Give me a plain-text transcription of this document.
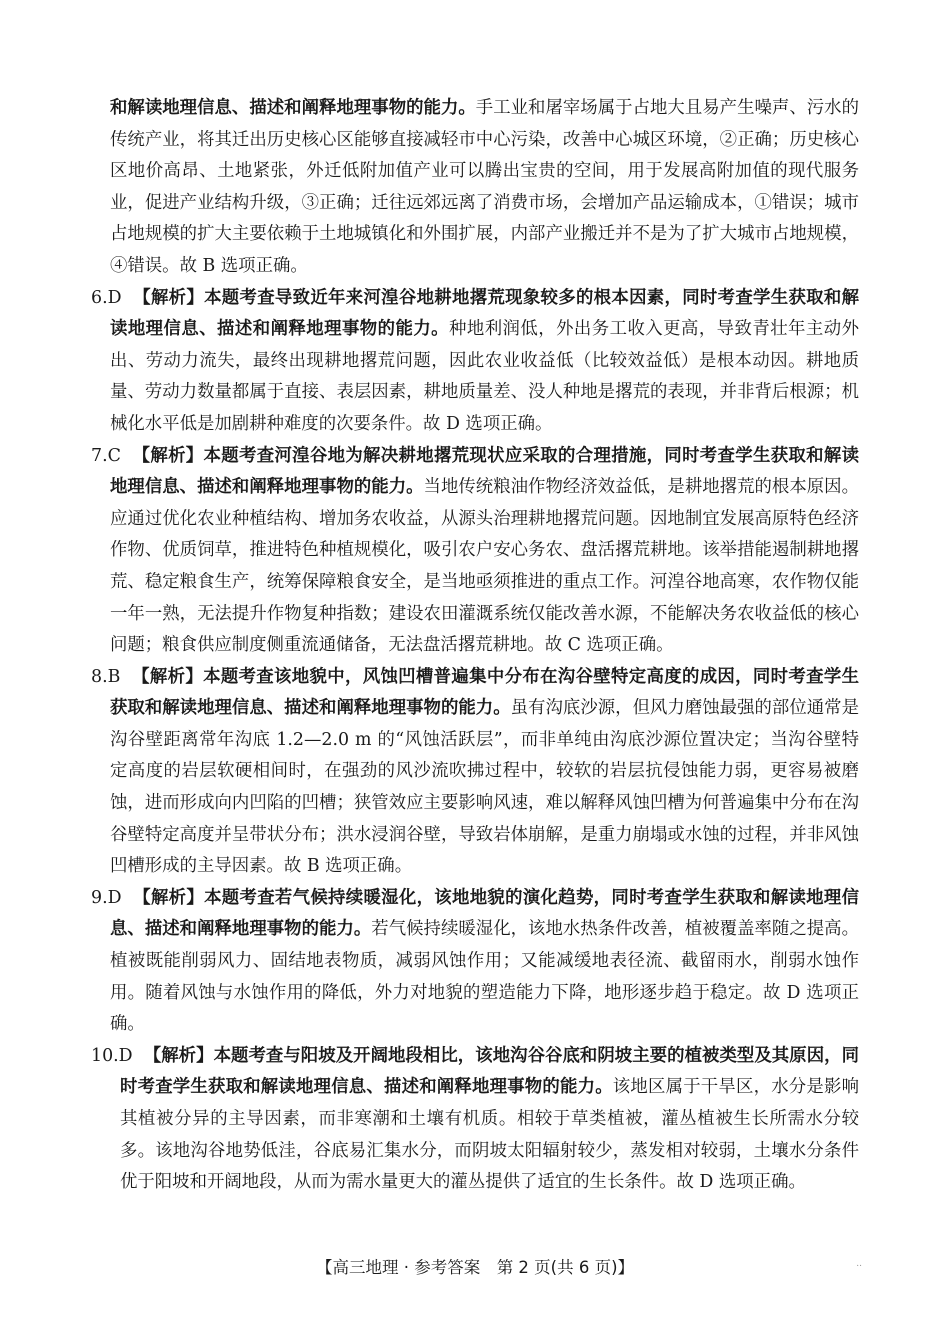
和解读地理信息、描述和阐释地理事物的能力。手工业和屠宰场属于占地大且易产生噪声、污水的传统产业，将其迁出历史核心区能够直接减轻市中心污染，改善中心城区环境，②正确；历史核心区地价高昂、土地紧张，外迁低附加值产业可以腾出宝贵的空间，用于发展高附加值的现代服务业，促进产业结构升级，③正确；迁往远郊远离了消费市场，会增加产品运输成本，①错误；城市占地规模的扩大主要依赖于土地城镇化和外围扩展，内部产业搬迁并不是为了扩大城市占地规模，④错误。故 B 选项正确。

6.D 【解析】本题考查导致近年来河湟谷地耕地撂荒现象较多的根本因素，同时考查学生获取和解读地理信息、描述和阐释地理事物的能力。种地利润低，外出务工收入更高，导致青壮年主动外出、劳动力流失，最终出现耕地撂荒问题，因此农业收益低（比较效益低）是根本动因。耕地质量、劳动力数量都属于直接、表层因素，耕地质量差、没人种地是撂荒的表现，并非背后根源；机械化水平低是加剧耕种难度的次要条件。故 D 选项正确。

7.C 【解析】本题考查河湟谷地为解决耕地撂荒现状应采取的合理措施，同时考查学生获取和解读地理信息、描述和阐释地理事物的能力。当地传统粮油作物经济效益低，是耕地撂荒的根本原因。应通过优化农业种植结构、增加务农收益，从源头治理耕地撂荒问题。因地制宜发展高原特色经济作物、优质饲草，推进特色种植规模化，吸引农户安心务农、盘活撂荒耕地。该举措能遏制耕地撂荒、稳定粮食生产，统筹保障粮食安全，是当地亟须推进的重点工作。河湟谷地高寒，农作物仅能一年一熟，无法提升作物复种指数；建设农田灌溉系统仅能改善水源，不能解决务农收益低的核心问题；粮食供应制度侧重流通储备，无法盘活撂荒耕地。故 C 选项正确。

8.B 【解析】本题考查该地貌中，风蚀凹槽普遍集中分布在沟谷壁特定高度的成因，同时考查学生获取和解读地理信息、描述和阐释地理事物的能力。虽有沟底沙源，但风力磨蚀最强的部位通常是沟谷壁距离常年沟底 1.2—2.0 m 的“风蚀活跃层”，而非单纯由沟底沙源位置决定；当沟谷壁特定高度的岩层软硬相间时，在强劲的风沙流吹拂过程中，较软的岩层抗侵蚀能力弱，更容易被磨蚀，进而形成向内凹陷的凹槽；狭管效应主要影响风速，难以解释风蚀凹槽为何普遍集中分布在沟谷壁特定高度并呈带状分布；洪水浸润谷壁，导致岩体崩解，是重力崩塌或水蚀的过程，并非风蚀凹槽形成的主导因素。故 B 选项正确。

9.D 【解析】本题考查若气候持续暖湿化，该地地貌的演化趋势，同时考查学生获取和解读地理信息、描述和阐释地理事物的能力。若气候持续暖湿化，该地水热条件改善，植被覆盖率随之提高。植被既能削弱风力、固结地表物质，减弱风蚀作用；又能减缓地表径流、截留雨水，削弱水蚀作用。随着风蚀与水蚀作用的降低，外力对地貌的塑造能力下降，地形逐步趋于稳定。故 D 选项正确。

10.D 【解析】本题考查与阳坡及开阔地段相比，该地沟谷谷底和阴坡主要的植被类型及其原因，同时考查学生获取和解读地理信息、描述和阐释地理事物的能力。该地区属于干旱区，水分是影响其植被分异的主导因素，而非寒潮和土壤有机质。相较于草类植被，灌丛植被生长所需水分较多。该地沟谷地势低洼，谷底易汇集水分，而阴坡太阳辐射较少，蒸发相对较弱，土壤水分条件优于阳坡和开阔地段，从而为需水量更大的灌丛提供了适宜的生长条件。故 D 选项正确。

【高三地理 · 参考答案　第 2 页(共 6 页)】	..
